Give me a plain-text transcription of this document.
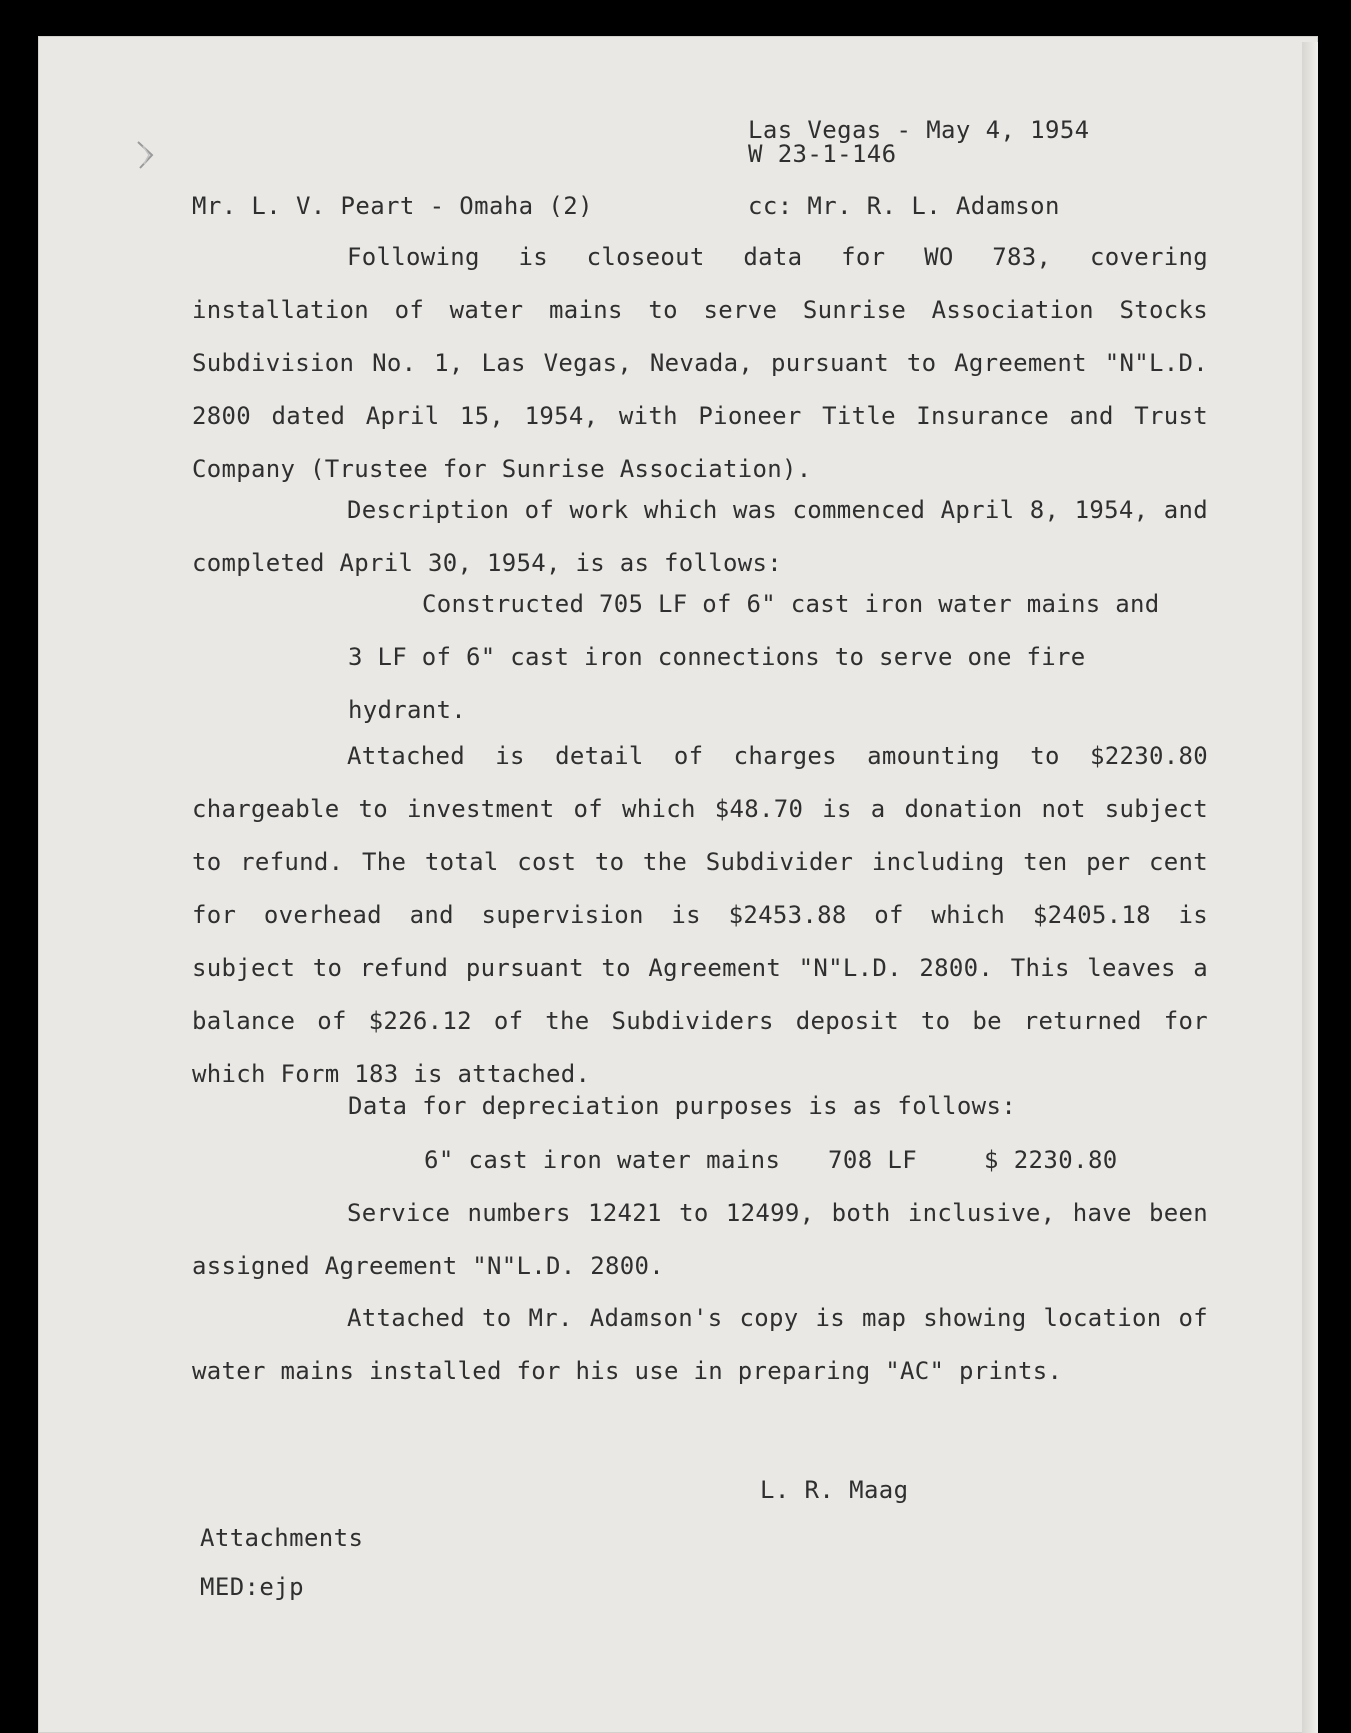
Las Vegas - May 4, 1954
W 23-1-146
Mr. L. V. Peart - Omaha (2)	cc: Mr. R. L. Adamson
Following is closeout data for WO 783, covering installation of water mains to serve Sunrise Association Stocks Subdivision No. 1, Las Vegas, Nevada, pursuant to Agreement "N"L.D. 2800 dated April 15, 1954, with Pioneer Title Insurance and Trust Company (Trustee for Sunrise Association).
Description of work which was commenced April 8, 1954, and completed April 30, 1954, is as follows:
Constructed 705 LF of 6" cast iron water mains and 3 LF of 6" cast iron connections to serve one fire hydrant.
Attached is detail of charges amounting to $2230.80 chargeable to investment of which $48.70 is a donation not subject to refund. The total cost to the Subdivider including ten per cent for overhead and supervision is $2453.88 of which $2405.18 is subject to refund pursuant to Agreement "N"L.D. 2800. This leaves a balance of $226.12 of the Subdividers deposit to be returned for which Form 183 is attached.
Data for depreciation purposes is as follows:
6" cast iron water mains 708 LF	$ 2230.80
Service numbers 12421 to 12499, both inclusive, have been assigned Agreement "N"L.D. 2800.
Attached to Mr. Adamson's copy is map showing location of water mains installed for his use in preparing "AC" prints.
L. R. Maag
Attachments
MED:ejp
